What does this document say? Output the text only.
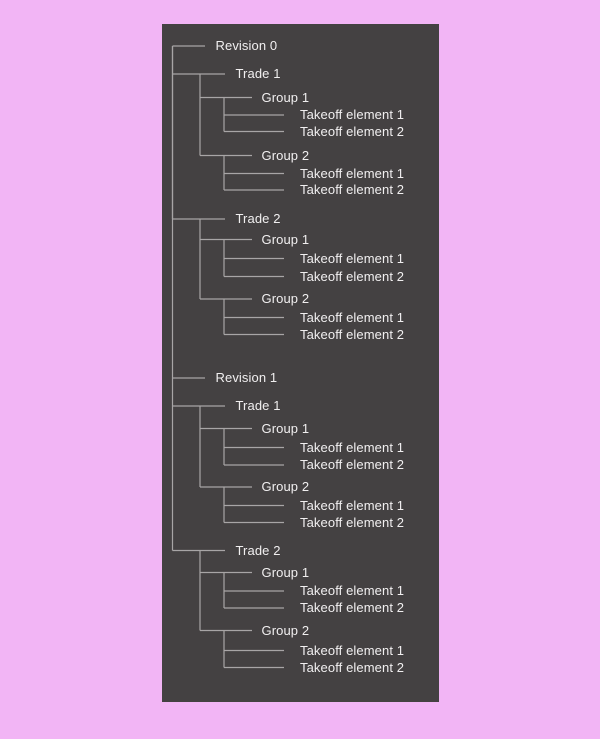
Revision 0
Trade 1
Group 1
Takeoff element 1
Takeoff element 2
Group 2
Takeoff element 1
Takeoff element 2
Trade 2
Group 1
Takeoff element 1
Takeoff element 2
Group 2
Takeoff element 1
Takeoff element 2
Revision 1
Trade 1
Group 1
Takeoff element 1
Takeoff element 2
Group 2
Takeoff element 1
Takeoff element 2
Trade 2
Group 1
Takeoff element 1
Takeoff element 2
Group 2
Takeoff element 1
Takeoff element 2
